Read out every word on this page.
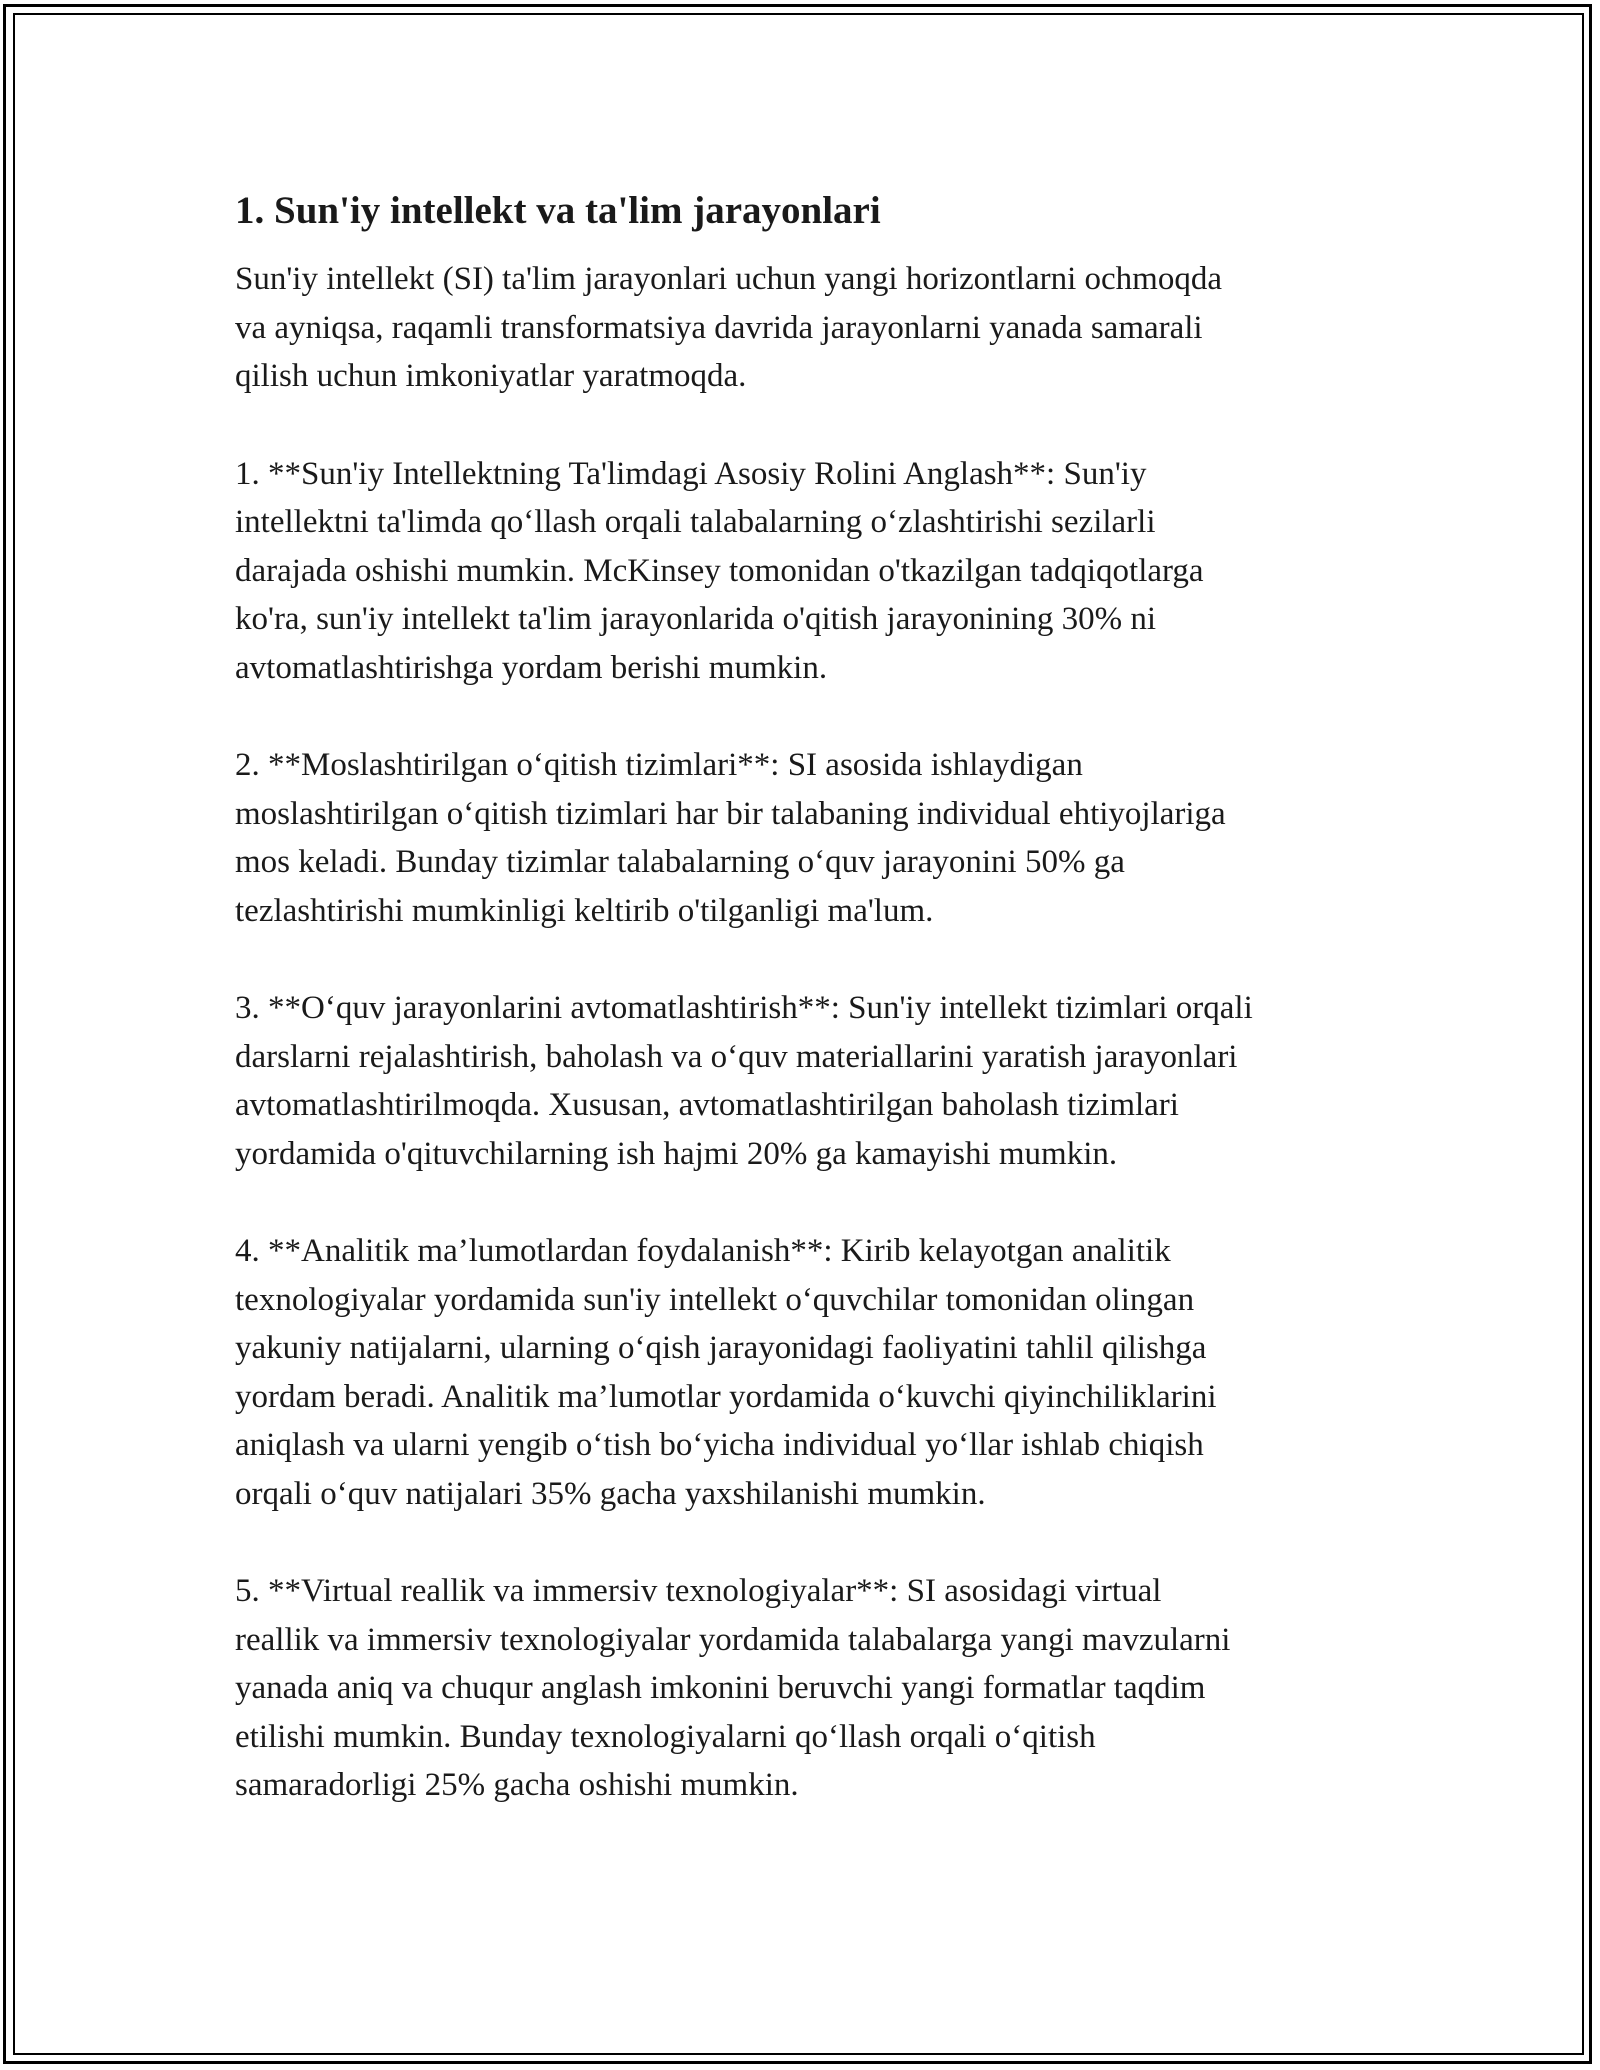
1. Sun'iy intellekt va ta'lim jarayonlari

Sun'iy intellekt (SI) ta'lim jarayonlari uchun yangi horizontlarni ochmoqda
va ayniqsa, raqamli transformatsiya davrida jarayonlarni yanada samarali
qilish uchun imkoniyatlar yaratmoqda.

1. **Sun'iy Intellektning Ta'limdagi Asosiy Rolini Anglash**: Sun'iy
intellektni ta'limda qo‘llash orqali talabalarning o‘zlashtirishi sezilarli
darajada oshishi mumkin. McKinsey tomonidan o'tkazilgan tadqiqotlarga
ko'ra, sun'iy intellekt ta'lim jarayonlarida o'qitish jarayonining 30% ni
avtomatlashtirishga yordam berishi mumkin.

2. **Moslashtirilgan o‘qitish tizimlari**: SI asosida ishlaydigan
moslashtirilgan o‘qitish tizimlari har bir talabaning individual ehtiyojlariga
mos keladi. Bunday tizimlar talabalarning o‘quv jarayonini 50% ga
tezlashtirishi mumkinligi keltirib o'tilganligi ma'lum.

3. **O‘quv jarayonlarini avtomatlashtirish**: Sun'iy intellekt tizimlari orqali
darslarni rejalashtirish, baholash va o‘quv materiallarini yaratish jarayonlari
avtomatlashtirilmoqda. Xususan, avtomatlashtirilgan baholash tizimlari
yordamida o'qituvchilarning ish hajmi 20% ga kamayishi mumkin.

4. **Analitik ma’lumotlardan foydalanish**: Kirib kelayotgan analitik
texnologiyalar yordamida sun'iy intellekt o‘quvchilar tomonidan olingan
yakuniy natijalarni, ularning o‘qish jarayonidagi faoliyatini tahlil qilishga
yordam beradi. Analitik ma’lumotlar yordamida o‘kuvchi qiyinchiliklarini
aniqlash va ularni yengib o‘tish bo‘yicha individual yo‘llar ishlab chiqish
orqali o‘quv natijalari 35% gacha yaxshilanishi mumkin.

5. **Virtual reallik va immersiv texnologiyalar**: SI asosidagi virtual
reallik va immersiv texnologiyalar yordamida talabalarga yangi mavzularni
yanada aniq va chuqur anglash imkonini beruvchi yangi formatlar taqdim
etilishi mumkin. Bunday texnologiyalarni qo‘llash orqali o‘qitish
samaradorligi 25% gacha oshishi mumkin.
